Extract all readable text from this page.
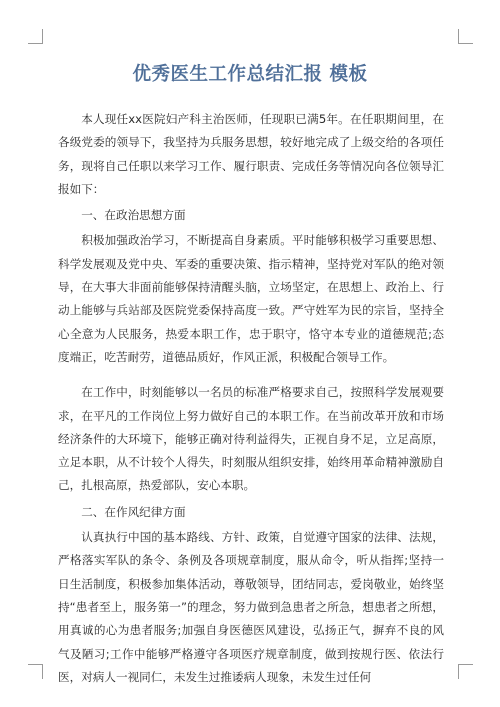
优秀医生工作总结汇报 模板

本人现任xx医院妇产科主治医师，任现职已满5年。在任职期间里，在各级党委的领导下，我坚持为兵服务思想，较好地完成了上级交给的各项任务，现将自己任职以来学习工作、履行职责、完成任务等情况向各位领导汇报如下：

一、在政治思想方面

积极加强政治学习，不断提高自身素质。平时能够积极学习重要思想、科学发展观及党中央、军委的重要决策、指示精神，坚持党对军队的绝对领导，在大事大非面前能够保持清醒头脑，立场坚定，在思想上、政治上、行动上能够与兵站部及医院党委保持高度一致。严守姓军为民的宗旨，坚持全心全意为人民服务，热爱本职工作，忠于职守，恪守本专业的道德规范;态度端正，吃苦耐劳，道德品质好，作风正派，积极配合领导工作。

在工作中，时刻能够以一名员的标准严格要求自己，按照科学发展观要求，在平凡的工作岗位上努力做好自己的本职工作。在当前改革开放和市场经济条件的大环境下，能够正确对待利益得失，正视自身不足，立足高原，立足本职，从不计较个人得失，时刻服从组织安排，始终用革命精神激励自己，扎根高原，热爱部队，安心本职。

二、在作风纪律方面

认真执行中国的基本路线、方针、政策，自觉遵守国家的法律、法规，严格落实军队的条令、条例及各项规章制度，服从命令，听从指挥;坚持一日生活制度，积极参加集体活动，尊敬领导，团结同志，爱岗敬业，始终坚持“患者至上，服务第一”的理念，努力做到急患者之所急，想患者之所想，用真诚的心为患者服务;加强自身医德医风建设，弘扬正气，摒弃不良的风气及陋习;工作中能够严格遵守各项医疗规章制度，做到按规行医、依法行医，对病人一视同仁，未发生过推诿病人现象，未发生过任何
